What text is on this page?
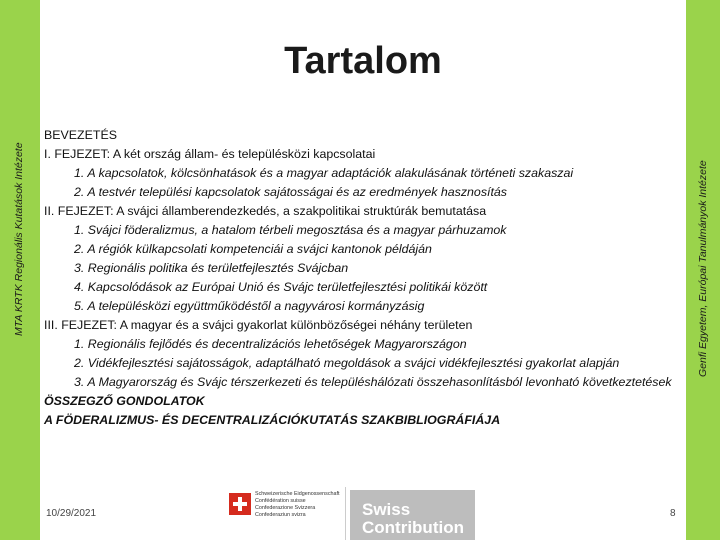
MTA KRTK Regionális Kutatások Intézete	Genfi Egyetem, Európai Tanulmányok Intézete
Tartalom
BEVEZETÉS
I. FEJEZET: A két ország állam- és településközi kapcsolatai
1. A kapcsolatok, kölcsönhatások és a magyar adaptációk alakulásának történeti szakaszai
2. A testvér települési kapcsolatok sajátosságai és az eredmények hasznosítás
II. FEJEZET: A svájci államberendezkedés, a szakpolitikai struktúrák bemutatása
1. Svájci föderalizmus, a hatalom térbeli megosztása és a magyar párhuzamok
2. A régiók külkapcsolati kompetenciái a svájci kantonok példáján
3. Regionális politika és területfejlesztés Svájcban
4. Kapcsolódások az Európai Unió és Svájc területfejlesztési politikái között
5. A településközi együttműködéstől a nagyvárosi kormányzásig
III. FEJEZET: A magyar és a svájci gyakorlat különbözőségei néhány területen
1. Regionális fejlődés és decentralizációs lehetőségek Magyarországon
2. Vidékfejlesztési sajátosságok, adaptálható megoldások a svájci vidékfejlesztési gyakorlat alapján
3. A Magyarország és Svájc térszerkezeti és településhálózati összehasonlításból levonható következtetések
ÖSSZEGZŐ GONDOLATOK
A FÖDERALIZMUS- ÉS DECENTRALIZÁCIÓKUTATÁS SZAKBIBLIOGRÁFIÁJA
10/29/2021	8
Schweizerische Eidgenossenschaft
Confédération suisse
Confederazione Svizzera
Confederaziun svizra	Swiss
Contribution
